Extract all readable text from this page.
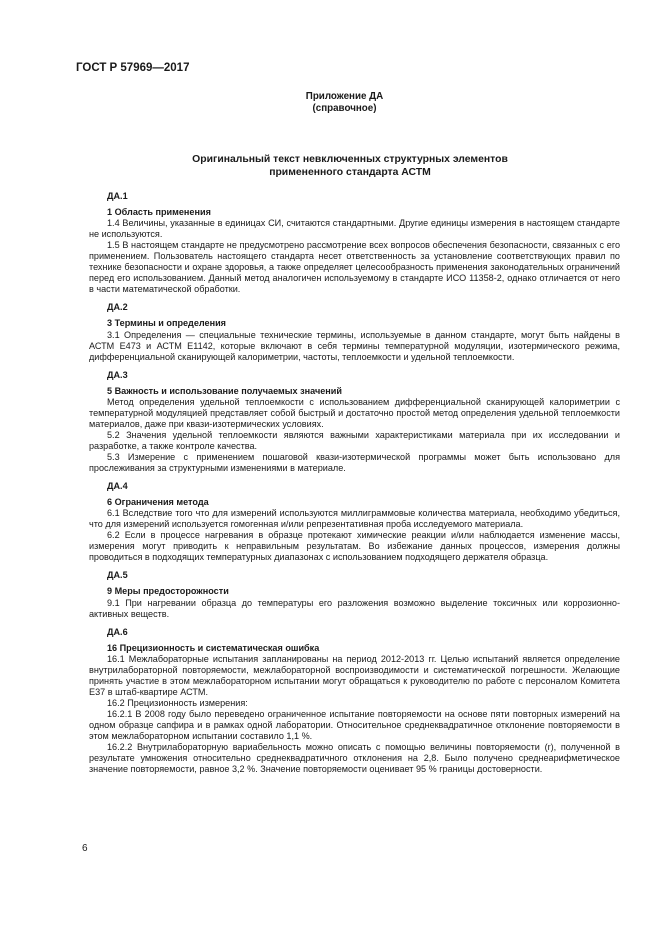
ГОСТ Р 57969—2017
Приложение ДА
(справочное)
Оригинальный текст невключенных структурных элементов
примененного стандарта АСТМ
ДА.1
1 Область применения

1.4 Величины, указанные в единицах СИ, считаются стандартными. Другие единицы измерения в настоящем стандарте не используются.

1.5 В настоящем стандарте не предусмотрено рассмотрение всех вопросов обеспечения безопасности, связанных с его применением. Пользователь настоящего стандарта несет ответственность за установление соответствующих правил по технике безопасности и охране здоровья, а также определяет целесообразность применения законодательных ограничений перед его использованием. Данный метод аналогичен используемому в стандарте ИСО 11358-2, однако отличается от него в части математической обработки.

ДА.2
3 Термины и определения

3.1 Определения — специальные технические термины, используемые в данном стандарте, могут быть найдены в АСТМ Е473 и АСТМ Е1142, которые включают в себя термины температурной модуляции, изотермического режима, дифференциальной сканирующей калориметрии, частоты, теплоемкости и удельной теплоемкости.

ДА.3
5 Важность и использование получаемых значений

Метод определения удельной теплоемкости с использованием дифференциальной сканирующей калориметрии с температурной модуляцией представляет собой быстрый и достаточно простой метод определения удельной теплоемкости материалов, даже при квази-изотермических условиях.

5.2 Значения удельной теплоемкости являются важными характеристиками материала при их исследовании и разработке, а также контроле качества.

5.3 Измерение с применением пошаговой квази-изотермической программы может быть использовано для прослеживания за структурными изменениями в материале.

ДА.4
6 Ограничения метода

6.1 Вследствие того что для измерений используются миллиграммовые количества материала, необходимо убедиться, что для измерений используется гомогенная и/или репрезентативная проба исследуемого материала.

6.2 Если в процессе нагревания в образце протекают химические реакции и/или наблюдается изменение массы, измерения могут приводить к неправильным результатам. Во избежание данных процессов, измерения должны проводиться в подходящих температурных диапазонах с использованием подходящего держателя образца.

ДА.5
9 Меры предосторожности

9.1 При нагревании образца до температуры его разложения возможно выделение токсичных или коррозионно-активных веществ.

ДА.6
16 Прецизионность и систематическая ошибка

16.1 Межлабораторные испытания запланированы на период 2012-2013 гг. Целью испытаний является определение внутрилабораторной повторяемости, межлабораторной воспроизводимости и систематической погрешности. Желающие принять участие в этом межлабораторном испытании могут обращаться к руководителю по работе с персоналом Комитета Е37 в штаб-квартире АСТМ.

16.2 Прецизионность измерения:

16.2.1 В 2008 году было переведено ограниченное испытание повторяемости на основе пяти повторных измерений на одном образце сапфира и в рамках одной лаборатории. Относительное среднеквадратичное отклонение повторяемости в этом межлабораторном испытании составило 1,1 %.

16.2.2 Внутрилабораторную вариабельность можно описать с помощью величины повторяемости (r), полученной в результате умножения относительно среднеквадратичного отклонения на 2,8. Было получено среднеарифметическое значение повторяемости, равное 3,2 %. Значение повторяемости оценивает 95 % границы достоверности.

6
